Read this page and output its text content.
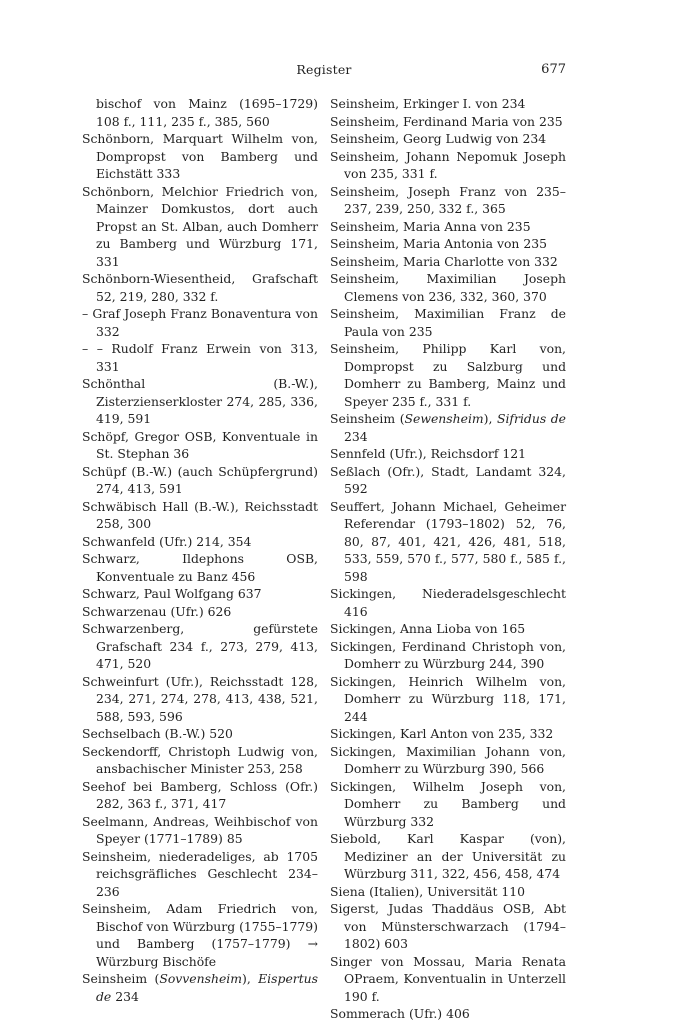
Register	677

bischof von Mainz (1695–1729) 108 f., 111, 235 f., 385, 560

Schönborn, Marquart Wilhelm von, Dompropst von Bamberg und Eichstätt 333

Schönborn, Melchior Friedrich von, Mainzer Domkustos, dort auch Propst an St. Alban, auch Domherr zu Bamberg und Würzburg 171, 331

Schönborn-Wiesentheid, Grafschaft 52, 219, 280, 332 f.

– Graf Joseph Franz Bonaventura von 332

– – Rudolf Franz Erwein von 313, 331

Schönthal (B.-W.), Zisterzienserkloster 274, 285, 336, 419, 591

Schöpf, Gregor OSB, Konventuale in St. Stephan 36

Schüpf (B.-W.) (auch Schüpfergrund) 274, 413, 591

Schwäbisch Hall (B.-W.), Reichsstadt 258, 300

Schwanfeld (Ufr.) 214, 354

Schwarz, Ildephons OSB, Konventuale zu Banz 456

Schwarz, Paul Wolfgang 637

Schwarzenau (Ufr.) 626

Schwarzenberg, gefürstete Grafschaft 234 f., 273, 279, 413, 471, 520

Schweinfurt (Ufr.), Reichsstadt 128, 234, 271, 274, 278, 413, 438, 521, 588, 593, 596

Sechselbach (B.-W.) 520

Seckendorff, Christoph Ludwig von, ansbachischer Minister 253, 258

Seehof bei Bamberg, Schloss (Ofr.) 282, 363 f., 371, 417

Seelmann, Andreas, Weihbischof von Speyer (1771–1789) 85

Seinsheim, niederadeliges, ab 1705 reichsgräfliches Geschlecht 234–236

Seinsheim, Adam Friedrich von, Bischof von Würzburg (1755–1779) und Bamberg (1757–1779) → Würzburg Bischöfe

Seinsheim (Sovvensheim), Eispertus de 234

Seinsheim, Erkinger I. von 234

Seinsheim, Ferdinand Maria von 235

Seinsheim, Georg Ludwig von 234

Seinsheim, Johann Nepomuk Joseph von 235, 331 f.

Seinsheim, Joseph Franz von 235–237, 239, 250, 332 f., 365

Seinsheim, Maria Anna von 235

Seinsheim, Maria Antonia von 235

Seinsheim, Maria Charlotte von 332

Seinsheim, Maximilian Joseph Clemens von 236, 332, 360, 370

Seinsheim, Maximilian Franz de Paula von 235

Seinsheim, Philipp Karl von, Dompropst zu Salzburg und Domherr zu Bamberg, Mainz und Speyer 235 f., 331 f.

Seinsheim (Sewensheim), Sifridus de 234

Sennfeld (Ufr.), Reichsdorf 121

Seßlach (Ofr.), Stadt, Landamt 324, 592

Seuffert, Johann Michael, Geheimer Referendar (1793–1802) 52, 76, 80, 87, 401, 421, 426, 481, 518, 533, 559, 570 f., 577, 580 f., 585 f., 598

Sickingen, Niederadelsgeschlecht 416

Sickingen, Anna Lioba von 165

Sickingen, Ferdinand Christoph von, Domherr zu Würzburg 244, 390

Sickingen, Heinrich Wilhelm von, Domherr zu Würzburg 118, 171, 244

Sickingen, Karl Anton von 235, 332

Sickingen, Maximilian Johann von, Domherr zu Würzburg 390, 566

Sickingen, Wilhelm Joseph von, Domherr zu Bamberg und Würzburg 332

Siebold, Karl Kaspar (von), Mediziner an der Universität zu Würzburg 311, 322, 456, 458, 474

Siena (Italien), Universität 110

Sigerst, Judas Thaddäus OSB, Abt von Münsterschwarzach (1794–1802) 603

Singer von Mossau, Maria Renata OPraem, Konventualin in Unterzell 190 f.

Sommerach (Ufr.) 406
